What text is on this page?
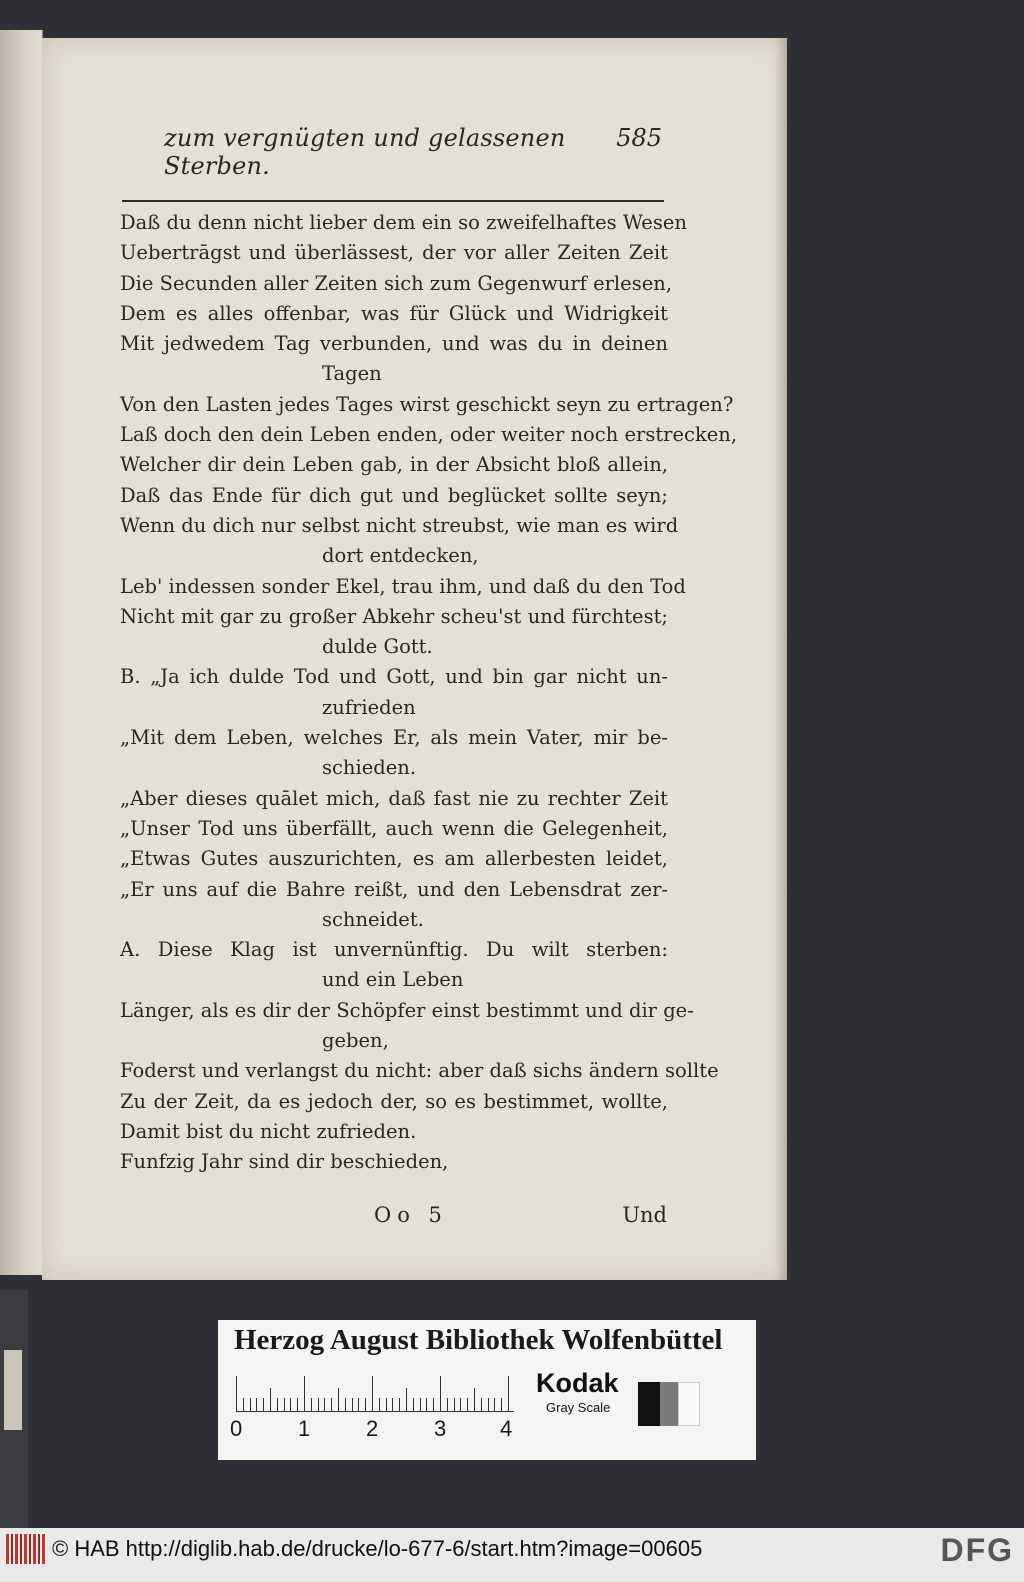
zum vergnügten und gelassenen Sterben.
585
Daß du denn nicht lieber dem ein so zweifelhaftes Wesen
Uebertrāgst und überlässest, der vor aller Zeiten Zeit
Die Secunden aller Zeiten sich zum Gegenwurf erlesen,
Dem es alles offenbar, was für Glück und Widrigkeit
Mit jedwedem Tag verbunden, und was du in deinen
Tagen
Von den Lasten jedes Tages wirst geschickt seyn zu ertragen?
Laß doch den dein Leben enden, oder weiter noch erstrecken,
Welcher dir dein Leben gab, in der Absicht bloß allein,
Daß das Ende für dich gut und beglücket sollte seyn;
Wenn du dich nur selbst nicht streubst, wie man es wird
dort entdecken,
Leb' indessen sonder Ekel, trau ihm, und daß du den Tod
Nicht mit gar zu großer Abkehr scheu'st und fürchtest;
dulde Gott.
B. „Ja ich dulde Tod und Gott, und bin gar nicht un-
zufrieden
„Mit dem Leben, welches Er, als mein Vater, mir be-
schieden.
„Aber dieses quālet mich, daß fast nie zu rechter Zeit
„Unser Tod uns überfällt, auch wenn die Gelegenheit,
„Etwas Gutes auszurichten, es am allerbesten leidet,
„Er uns auf die Bahre reißt, und den Lebensdrat zer-
schneidet.
A. Diese Klag ist unvernünftig. Du wilt sterben:
und ein Leben
Länger, als es dir der Schöpfer einst bestimmt und dir ge-
geben,
Foderst und verlangst du nicht: aber daß sichs ändern sollte
Zu der Zeit, da es jedoch der, so es bestimmet, wollte,
Damit bist du nicht zufrieden.
Funfzig Jahr sind dir beschieden,
Oo 5	Und
Herzog August Bibliothek Wolfenbüttel
0	1	2	3 4
Kodak
Gray Scale
© HAB http://diglib.hab.de/drucke/lo-677-6/start.htm?image=00605	DFG
